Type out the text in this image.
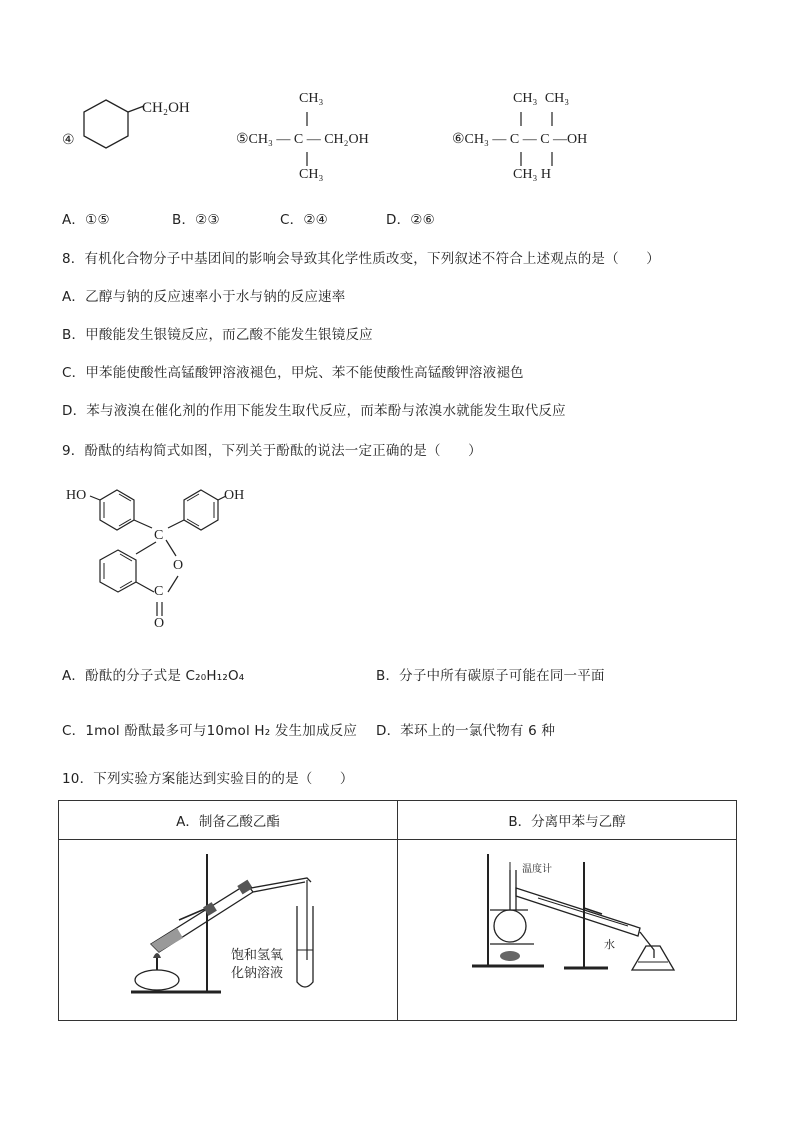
④
CH₂OH
CH₃
⑤CH₃ — C — CH₂OH
CH₃
CH₃ CH₃
⑥CH₃ — C — C —OH
CH₃ H
A．①⑤	B．②③	C．②④	D．②⑥
8．有机化合物分子中基团间的影响会导致其化学性质改变，下列叙述不符合上述观点的是（　　）
A．乙醇与钠的反应速率小于水与钠的反应速率
B．甲酸能发生银镜反应，而乙酸不能发生银镜反应
C．甲苯能使酸性高锰酸钾溶液褪色，甲烷、苯不能使酸性高锰酸钾溶液褪色
D．苯与液溴在催化剂的作用下能发生取代反应，而苯酚与浓溴水就能发生取代反应
9．酚酞的结构简式如图，下列关于酚酞的说法一定正确的是（　　）
HO	OH
C
O
C
O
A．酚酞的分子式是 C₂₀H₁₂O₄	B．分子中所有碳原子可能在同一平面
C．1mol 酚酞最多可与10mol H₂ 发生加成反应 D．苯环上的一氯代物有 6 种
10．下列实验方案能达到实验目的的是（　　）
A．制备乙酸乙酯	B．分离甲苯与乙醇

饱和氢氧
化钠溶液	温度计
水
